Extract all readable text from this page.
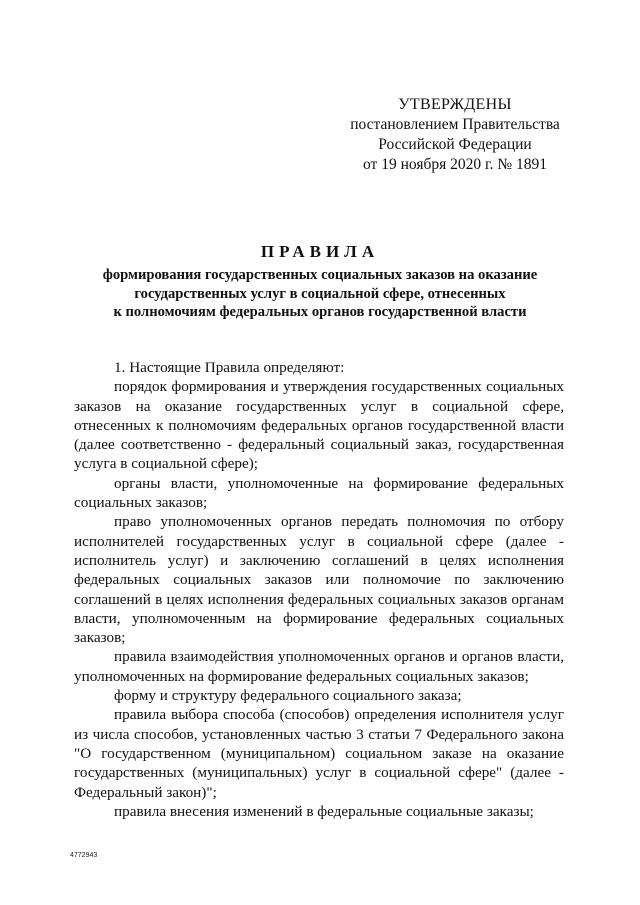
УТВЕРЖДЕНЫ
постановлением Правительства
Российской Федерации
от 19 ноября 2020 г. № 1891
ПРАВИЛА
формирования государственных социальных заказов на оказание
государственных услуг в социальной сфере, отнесенных
к полномочиям федеральных органов государственной власти

1. Настоящие Правила определяют:

порядок формирования и утверждения государственных социальных заказов на оказание государственных услуг в социальной сфере, отнесенных к полномочиям федеральных органов государственной власти (далее соответственно - федеральный социальный заказ, государственная услуга в социальной сфере);

органы власти, уполномоченные на формирование федеральных социальных заказов;

право уполномоченных органов передать полномочия по отбору исполнителей государственных услуг в социальной сфере (далее - исполнитель услуг) и заключению соглашений в целях исполнения федеральных социальных заказов или полномочие по заключению соглашений в целях исполнения федеральных социальных заказов органам власти, уполномоченным на формирование федеральных социальных заказов;

правила взаимодействия уполномоченных органов и органов власти, уполномоченных на формирование федеральных социальных заказов;

форму и структуру федерального социального заказа;

правила выбора способа (способов) определения исполнителя услуг из числа способов, установленных частью 3 статьи 7 Федерального закона "О государственном (муниципальном) социальном заказе на оказание государственных (муниципальных) услуг в социальной сфере" (далее - Федеральный закон)";

правила внесения изменений в федеральные социальные заказы;

4772943
